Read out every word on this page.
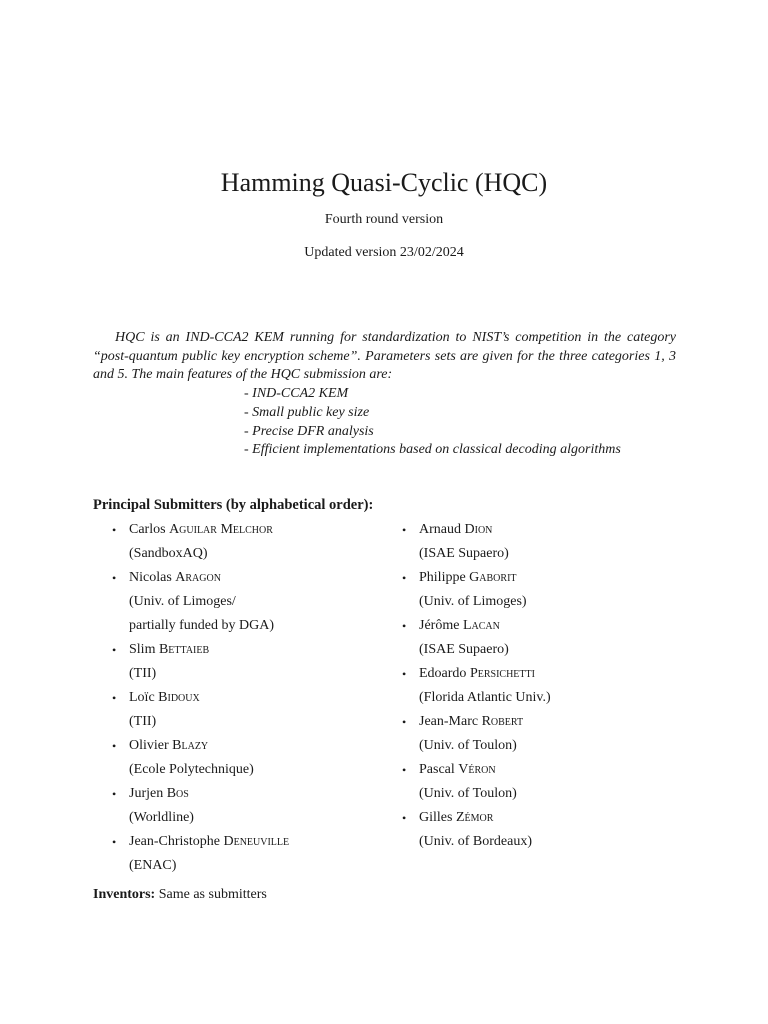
Hamming Quasi-Cyclic (HQC)
Fourth round version
Updated version 23/02/2024

HQC is an IND-CCA2 KEM running for standardization to NIST’s competition in the category “post-quantum public key encryption scheme”. Parameters sets are given for the three categories 1, 3 and 5. The main features of the HQC submission are:

- IND-CCA2 KEM
- Small public key size
- Precise DFR analysis
- Efficient implementations based on classical decoding algorithms
Principal Submitters (by alphabetical order):
• Carlos Aguilar Melchor
(SandboxAQ)
• Nicolas Aragon
(Univ. of Limoges/
partially funded by DGA)
• Slim Bettaieb
(TII)
• Loïc Bidoux
(TII)
• Olivier Blazy
(Ecole Polytechnique)
• Jurjen Bos
(Worldline)
• Jean-Christophe Deneuville
(ENAC)
• Arnaud Dion
(ISAE Supaero)
• Philippe Gaborit
(Univ. of Limoges)
• Jérôme Lacan
(ISAE Supaero)
• Edoardo Persichetti
(Florida Atlantic Univ.)
• Jean-Marc Robert
(Univ. of Toulon)
• Pascal Véron
(Univ. of Toulon)
• Gilles Zémor
(Univ. of Bordeaux)
Inventors: Same as submitters
